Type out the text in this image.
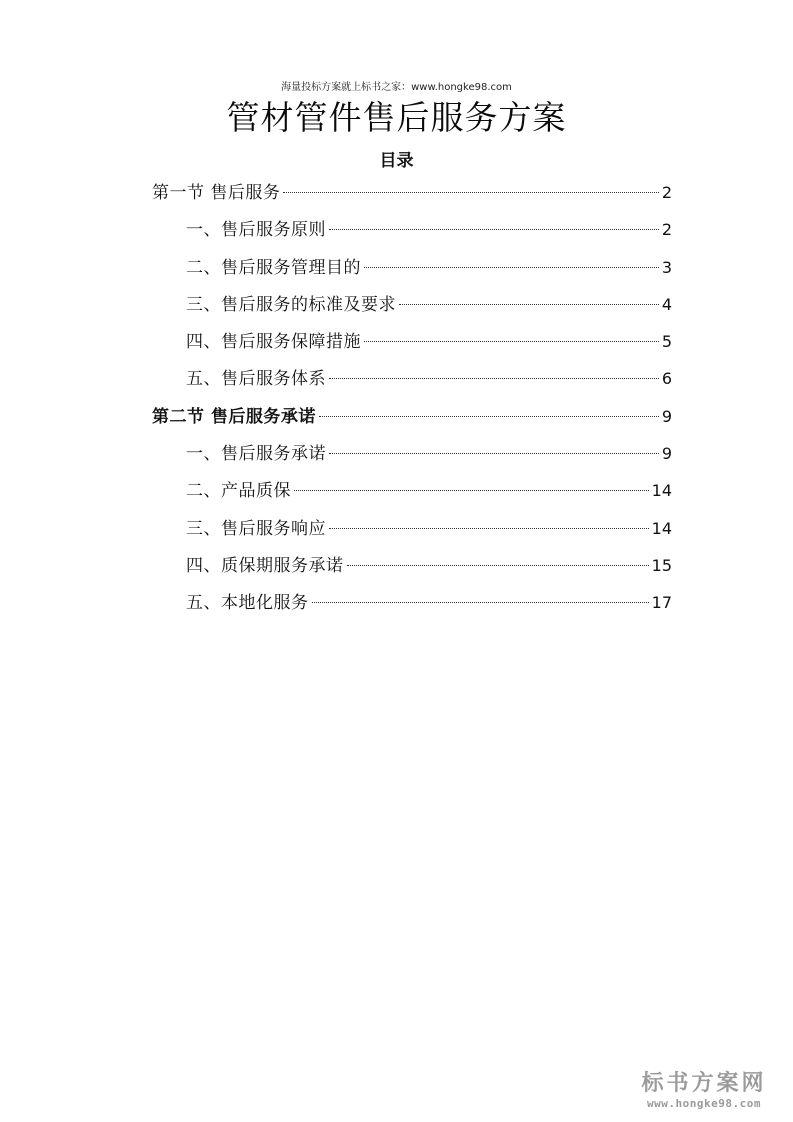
海量投标方案就上标书之家：www.hongke98.com
管材管件售后服务方案
目录
第一节 售后服务	2
一、售后服务原则	2
二、售后服务管理目的	3
三、售后服务的标准及要求	4
四、售后服务保障措施	5
五、售后服务体系	6
第二节 售后服务承诺	9
一、售后服务承诺	9
二、产品质保	14
三、售后服务响应	14
四、质保期服务承诺	15
五、本地化服务	17
标书方案网
www.hongke98.com
